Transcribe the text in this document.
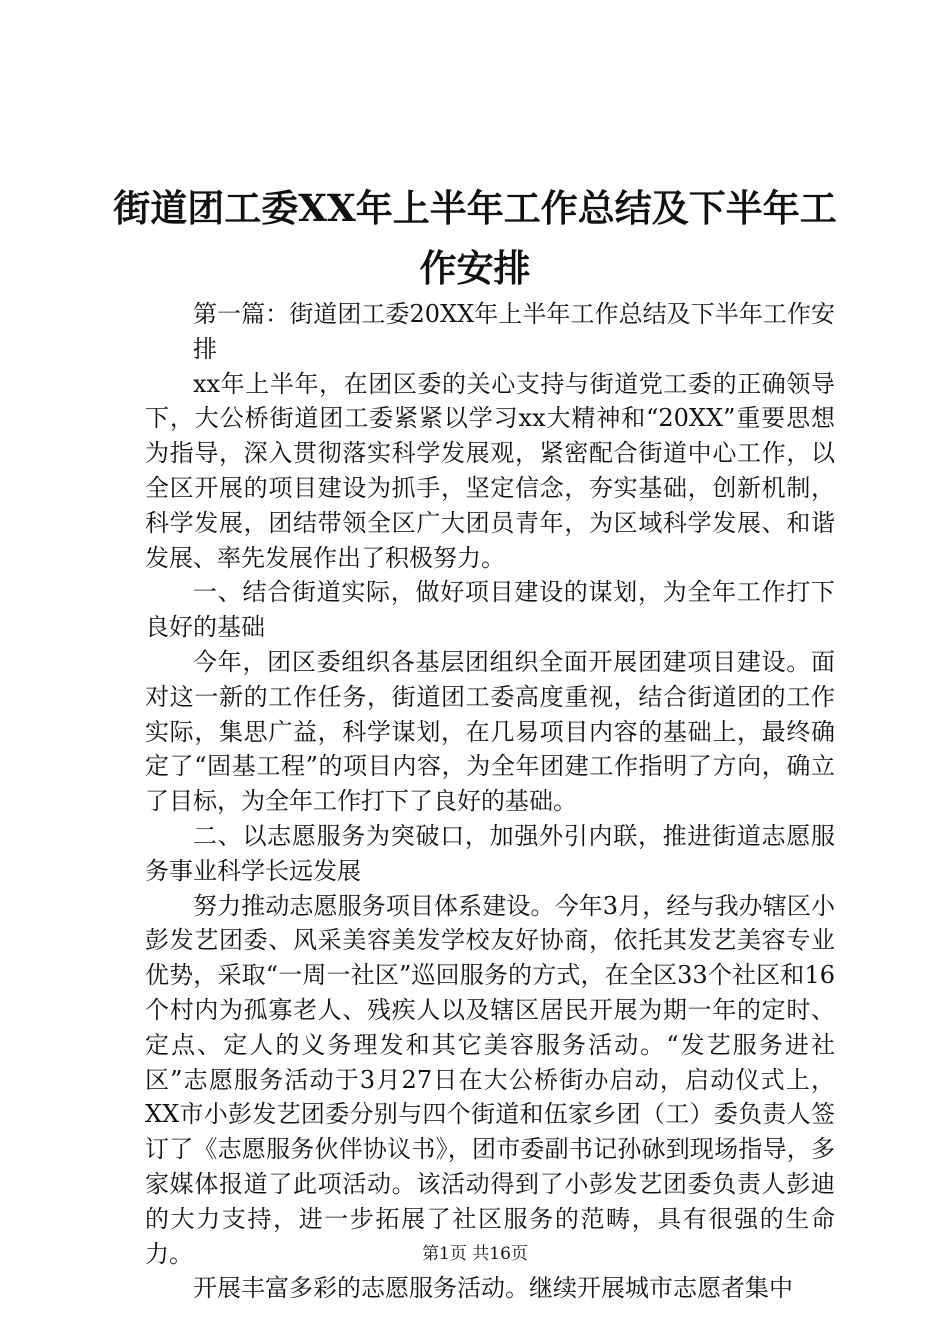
街道团工委XX年上半年工作总结及下半年工
作安排

第一篇：街道团工委20XX年上半年工作总结及下半年工作安排

xx年上半年，在团区委的关心支持与街道党工委的正确领导下，大公桥街道团工委紧紧以学习xx大精神和“20XX”重要思想为指导，深入贯彻落实科学发展观，紧密配合街道中心工作，以全区开展的项目建设为抓手，坚定信念，夯实基础，创新机制，科学发展，团结带领全区广大团员青年，为区域科学发展、和谐发展、率先发展作出了积极努力。

一、结合街道实际，做好项目建设的谋划，为全年工作打下良好的基础

今年，团区委组织各基层团组织全面开展团建项目建设。面对这一新的工作任务，街道团工委高度重视，结合街道团的工作实际，集思广益，科学谋划，在几易项目内容的基础上，最终确定了“固基工程”的项目内容，为全年团建工作指明了方向，确立了目标，为全年工作打下了良好的基础。

二、以志愿服务为突破口，加强外引内联，推进街道志愿服务事业科学长远发展

努力推动志愿服务项目体系建设。今年3月，经与我办辖区小彭发艺团委、风采美容美发学校友好协商，依托其发艺美容专业优势，采取“一周一社区”巡回服务的方式，在全区33个社区和16个村内为孤寡老人、残疾人以及辖区居民开展为期一年的定时、定点、定人的义务理发和其它美容服务活动。“发艺服务进社区”志愿服务活动于3月27日在大公桥街办启动，启动仪式上，XX市小彭发艺团委分别与四个街道和伍家乡团（工）委负责人签订了《志愿服务伙伴协议书》，团市委副书记孙砅到现场指导，多家媒体报道了此项活动。该活动得到了小彭发艺团委负责人彭迪的大力支持，进一步拓展了社区服务的范畴，具有很强的生命力。

开展丰富多彩的志愿服务活动。继续开展城市志愿者集中

第1页 共16页
